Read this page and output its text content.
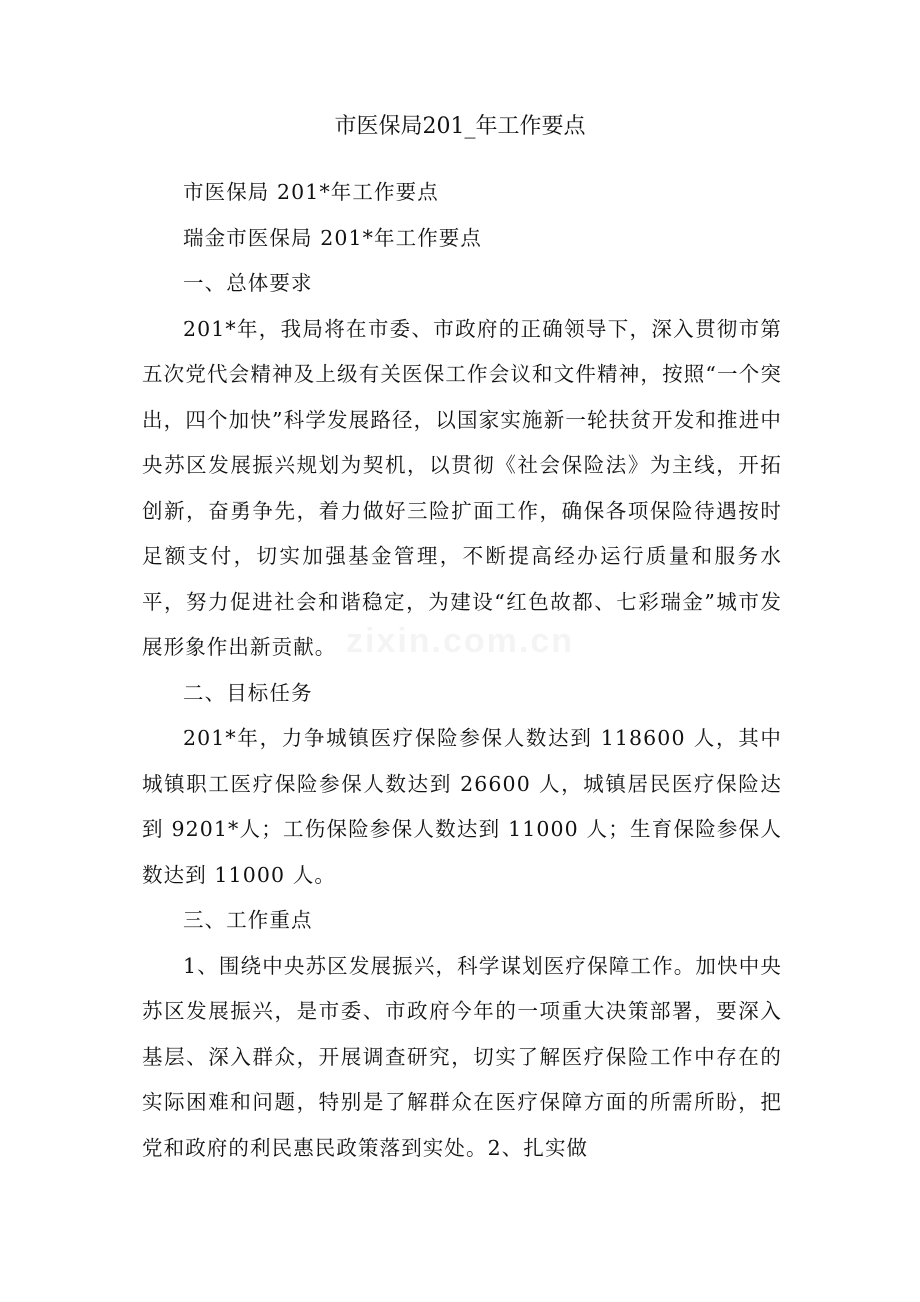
市医保局201_年工作要点

市医保局 201*年工作要点

瑞金市医保局 201*年工作要点

一、总体要求

201*年，我局将在市委、市政府的正确领导下，深入贯彻市第五次党代会精神及上级有关医保工作会议和文件精神，按照“一个突出，四个加快”科学发展路径，以国家实施新一轮扶贫开发和推进中央苏区发展振兴规划为契机，以贯彻《社会保险法》为主线，开拓创新，奋勇争先，着力做好三险扩面工作，确保各项保险待遇按时足额支付，切实加强基金管理，不断提高经办运行质量和服务水平，努力促进社会和谐稳定，为建设“红色故都、七彩瑞金”城市发展形象作出新贡献。

二、目标任务

201*年，力争城镇医疗保险参保人数达到 118600 人，其中城镇职工医疗保险参保人数达到 26600 人，城镇居民医疗保险达到 9201*人；工伤保险参保人数达到 11000 人；生育保险参保人数达到 11000 人。

三、工作重点

1、围绕中央苏区发展振兴，科学谋划医疗保障工作。加快中央苏区发展振兴，是市委、市政府今年的一项重大决策部署，要深入基层、深入群众，开展调查研究，切实了解医疗保险工作中存在的实际困难和问题，特别是了解群众在医疗保障方面的所需所盼，把党和政府的利民惠民政策落到实处。2、扎实做

zixin.com.cn
